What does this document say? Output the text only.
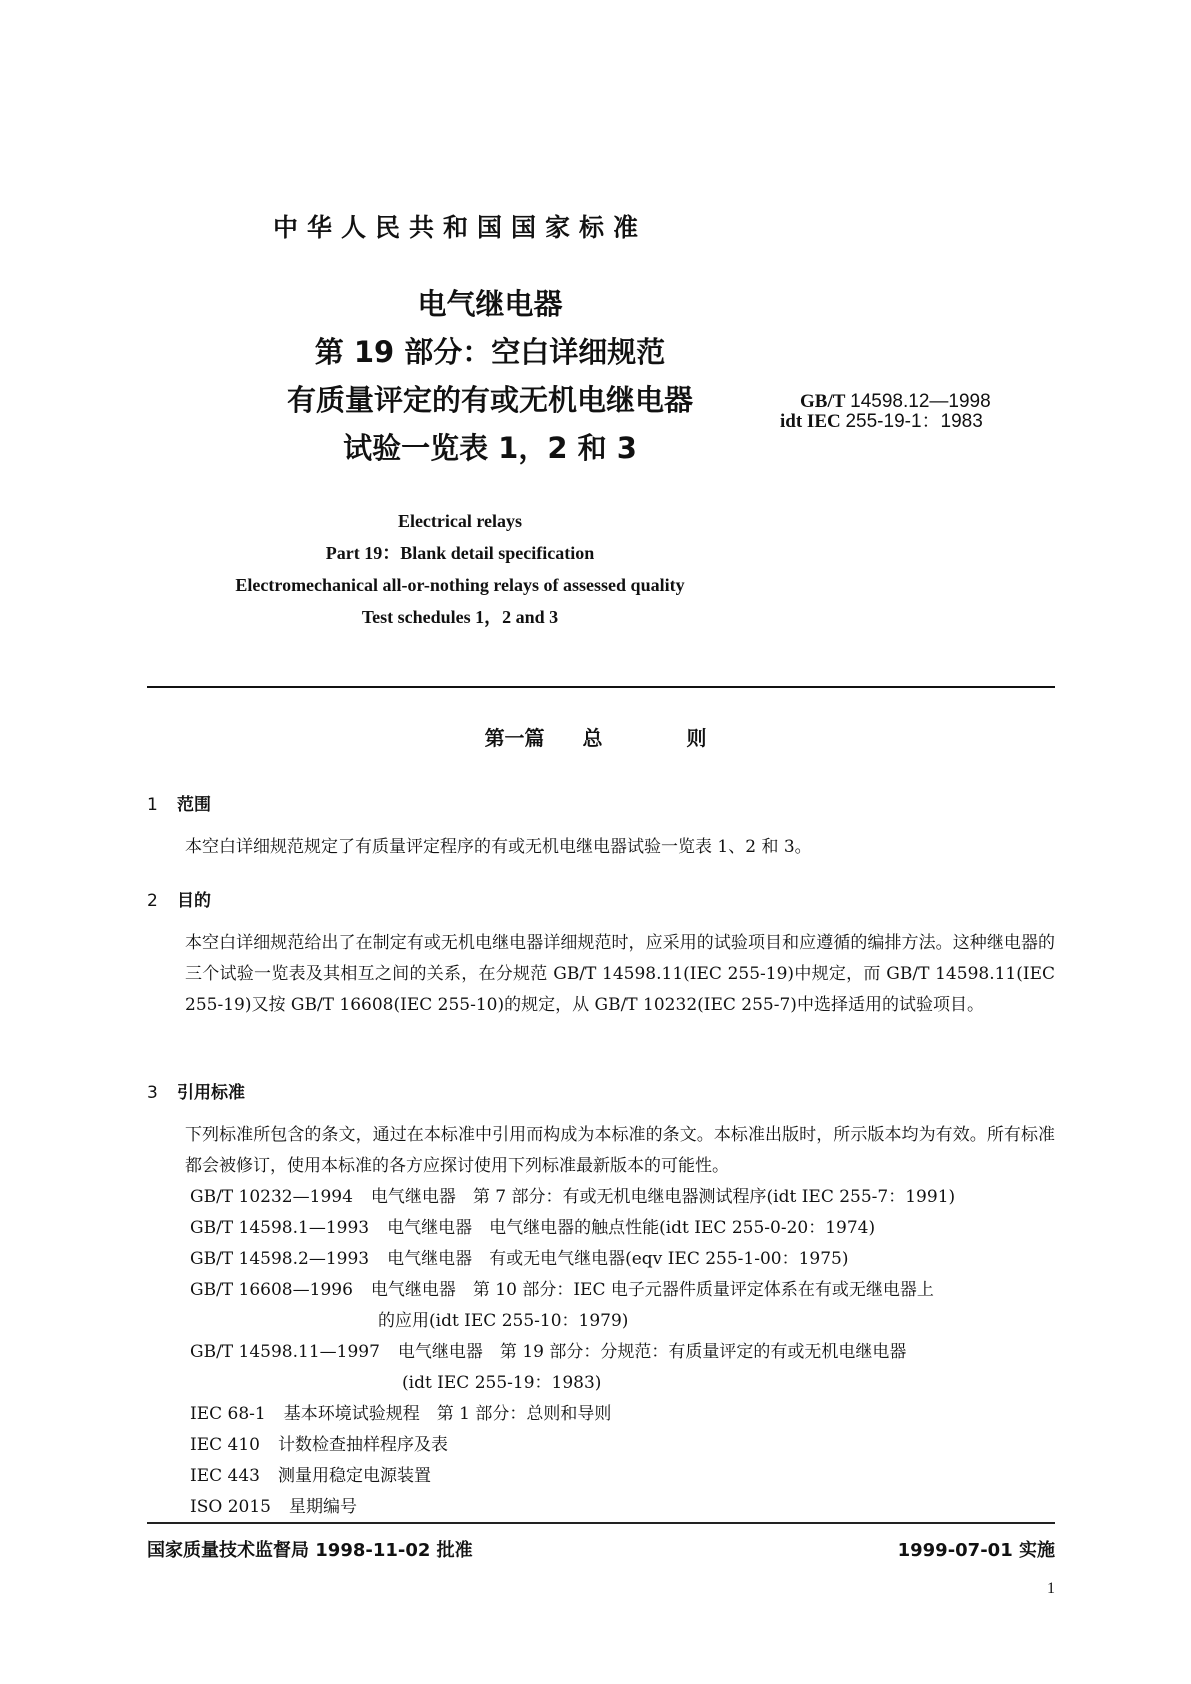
中华人民共和国国家标准
电气继电器
第 19 部分：空白详细规范
有质量评定的有或无机电继电器
试验一览表 1，2 和 3
GB/T 14598.12—1998
idt IEC 255-19-1：1983
Electrical relays
Part 19：Blank detail specification
Electromechanical all-or-nothing relays of assessed quality
Test schedules 1，2 and 3
第一篇 总	则
1 范围
本空白详细规范规定了有质量评定程序的有或无机电继电器试验一览表 1、2 和 3。
2 目的
本空白详细规范给出了在制定有或无机电继电器详细规范时，应采用的试验项目和应遵循的编排方法。这种继电器的三个试验一览表及其相互之间的关系，在分规范 GB/T 14598.11(IEC 255-19)中规定，而 GB/T 14598.11(IEC 255-19)又按 GB/T 16608(IEC 255-10)的规定，从 GB/T 10232(IEC 255-7)中选择适用的试验项目。
3 引用标准
下列标准所包含的条文，通过在本标准中引用而构成为本标准的条文。本标准出版时，所示版本均为有效。所有标准都会被修订，使用本标准的各方应探讨使用下列标准最新版本的可能性。
GB/T 10232—1994 电气继电器　第 7 部分：有或无机电继电器测试程序(idt IEC 255-7：1991)
GB/T 14598.1—1993 电气继电器　电气继电器的触点性能(idt IEC 255-0-20：1974)
GB/T 14598.2—1993 电气继电器　有或无电气继电器(eqv IEC 255-1-00：1975)
GB/T 16608—1996 电气继电器　第 10 部分：IEC 电子元器件质量评定体系在有或无继电器上
的应用(idt IEC 255-10：1979)
GB/T 14598.11—1997 电气继电器　第 19 部分：分规范：有质量评定的有或无机电继电器
(idt IEC 255-19：1983)
IEC 68-1 基本环境试验规程　第 1 部分：总则和导则
IEC 410 计数检查抽样程序及表
IEC 443 测量用稳定电源装置
ISO 2015 星期编号
国家质量技术监督局 1998-11-02 批准	1999-07-01 实施
1
